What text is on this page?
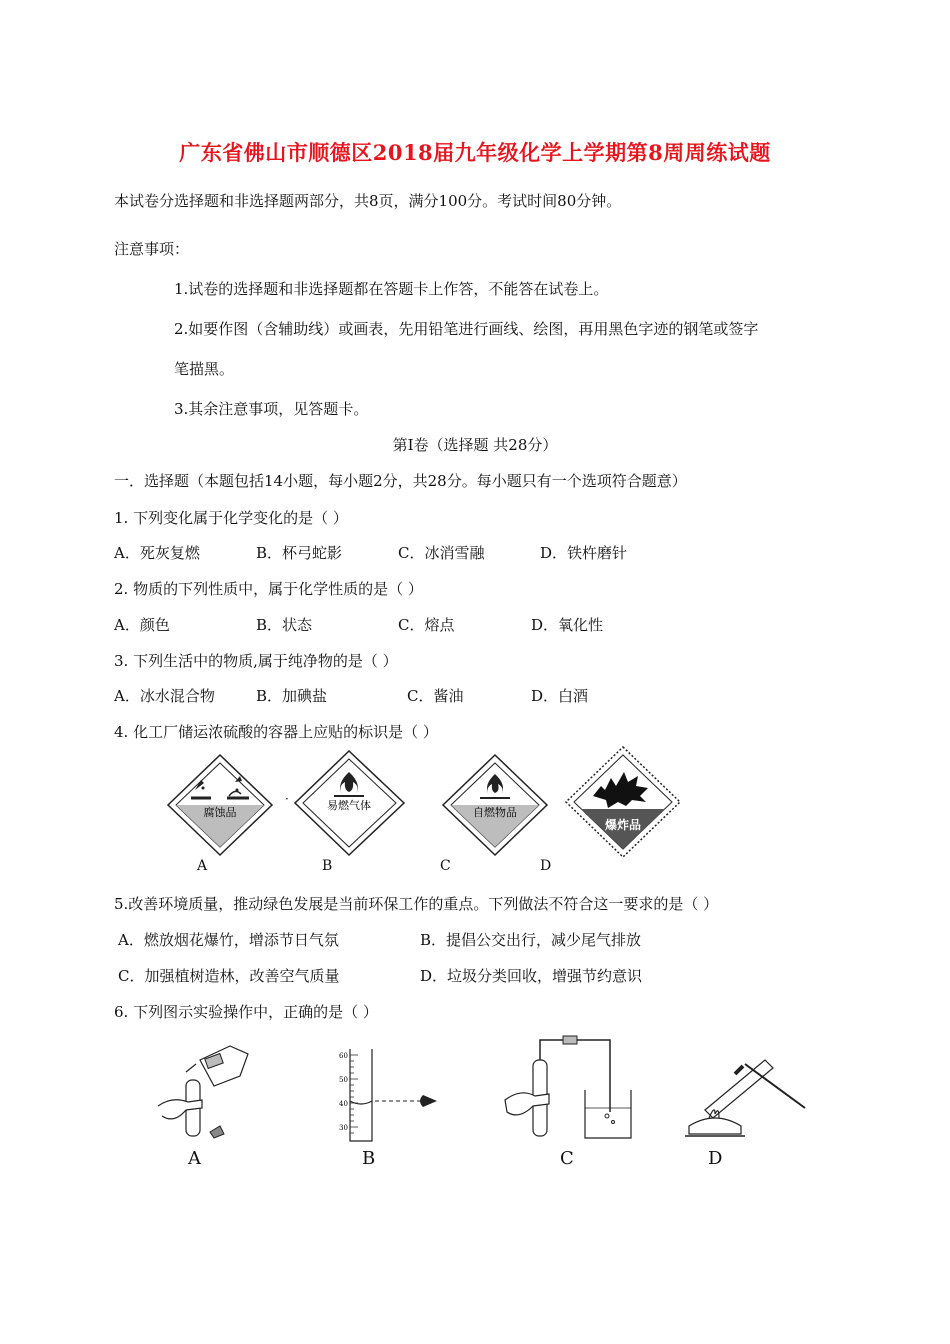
广东省佛山市顺德区2018届九年级化学上学期第8周周练试题
本试卷分选择题和非选择题两部分，共8页，满分100分。考试时间80分钟。
注意事项：
1.试卷的选择题和非选择题都在答题卡上作答，不能答在试卷上。
2.如要作图（含辅助线）或画表，先用铅笔进行画线、绘图，再用黑色字迹的钢笔或签字
笔描黑。
3.其余注意事项，见答题卡。
第Ⅰ卷（选择题 共28分）
一．选择题（本题包括14小题，每小题2分，共28分。每小题只有一个选项符合题意）
1. 下列变化属于化学变化的是（ ）
A．死灰复燃	B．杯弓蛇影	C．冰消雪融	D．铁杵磨针
2. 物质的下列性质中，属于化学性质的是（ ）
A．颜色	B．状态	C．熔点	D．氧化性
3. 下列生活中的物质,属于纯净物的是（ ）
A．冰水混合物	B．加碘盐	C．酱油	D．白酒
4. 化工厂储运浓硫酸的容器上应贴的标识是（ ）
腐蚀品
易燃气体
·
自燃物品
爆炸品
A	B	C	D
5.改善环境质量，推动绿色发展是当前环保工作的重点。下列做法不符合这一要求的是（ ）
A．燃放烟花爆竹，增添节日气氛	B．提倡公交出行，减少尾气排放
C．加强植树造林，改善空气质量	D．垃圾分类回收，增强节约意识
6. 下列图示实验操作中，正确的是（ ）
60
50
40
30
A	B	C	D
